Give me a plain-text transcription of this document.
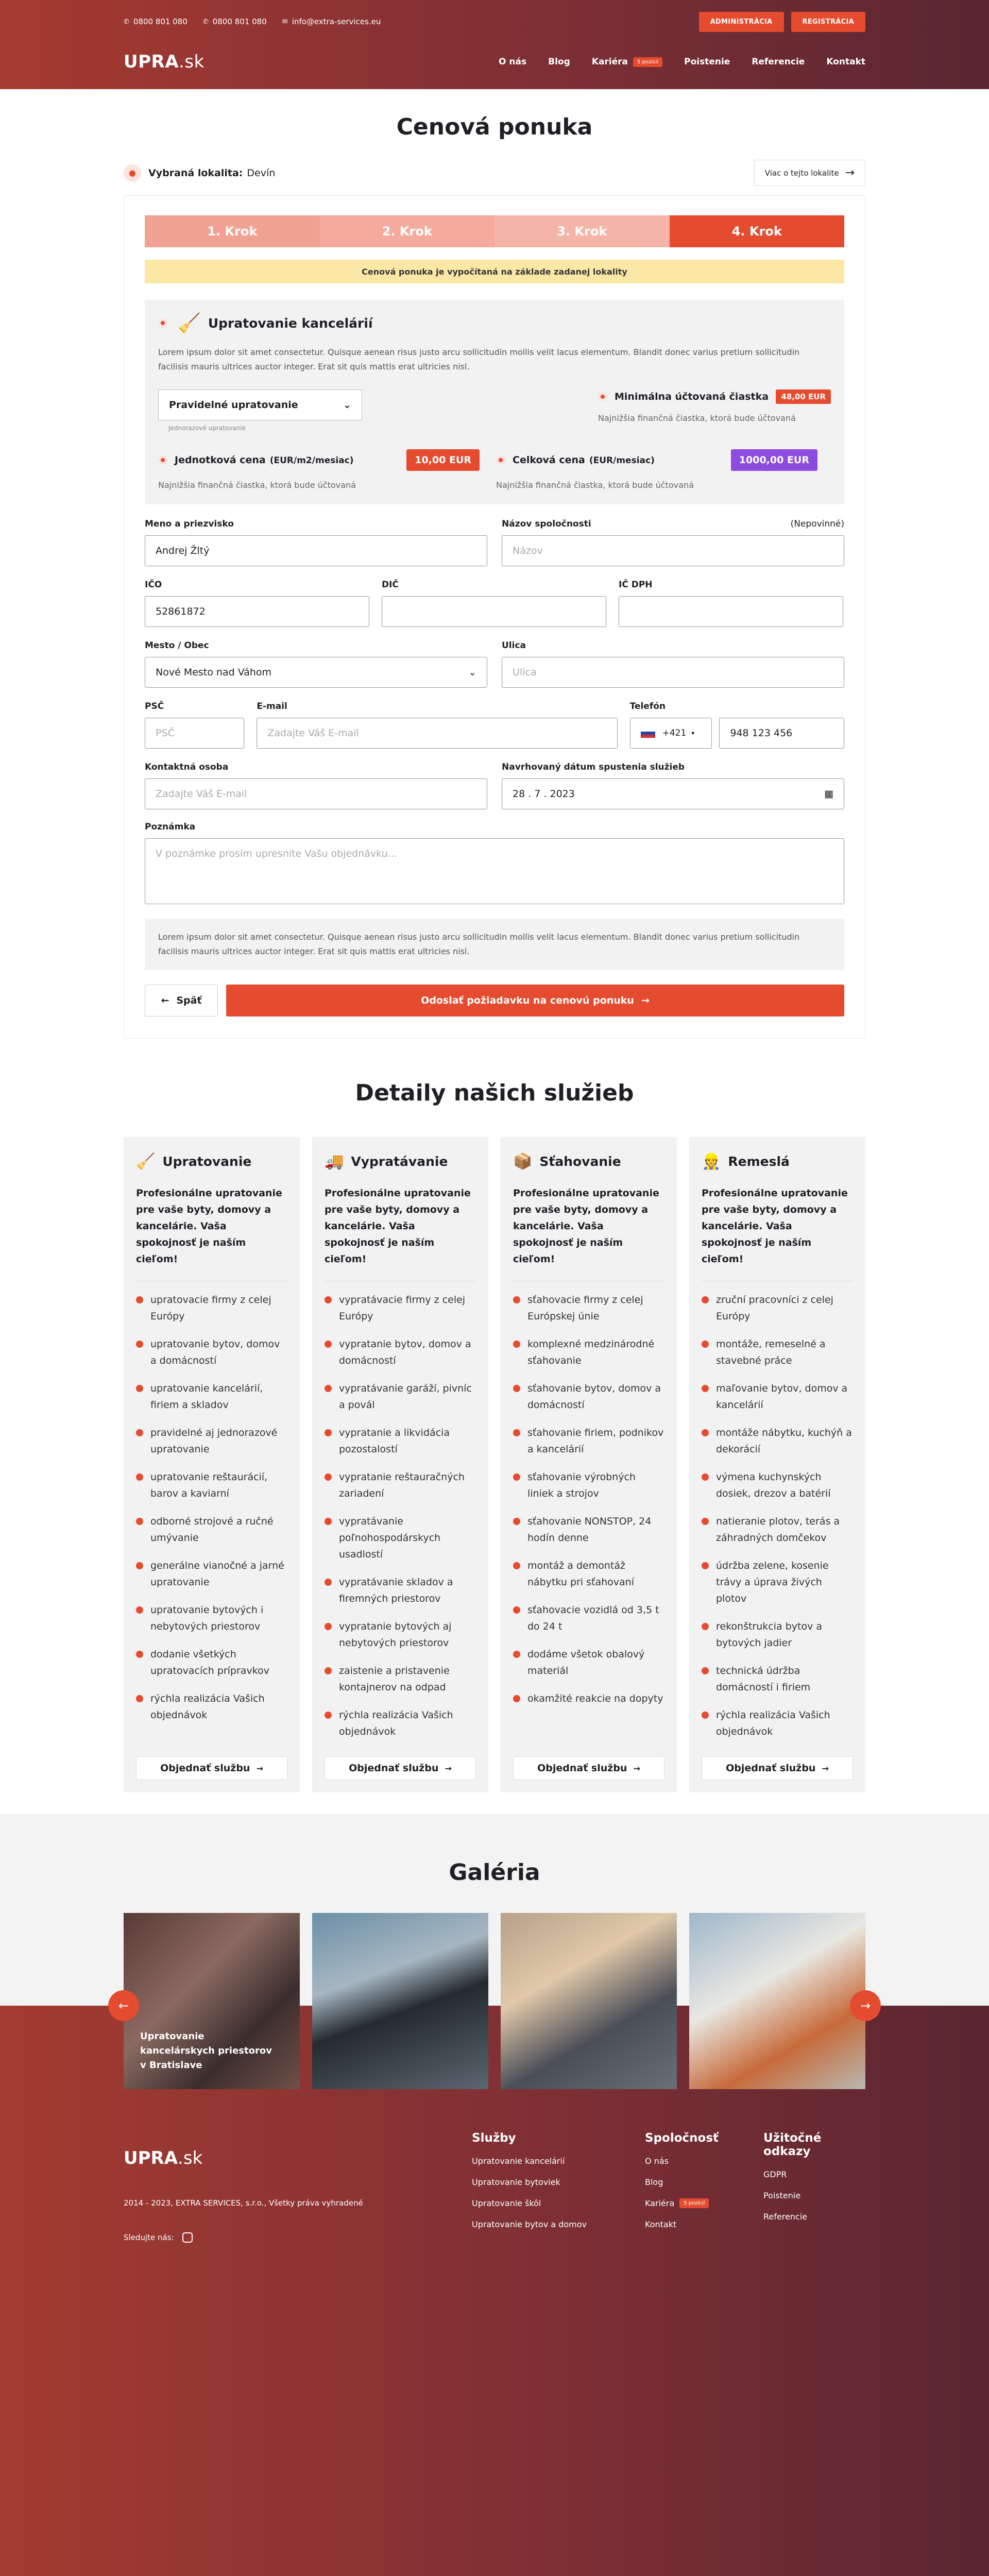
✆ 0800 801 080 ✆ 0800 801 080 ✉ info@extra-services.eu	ADMINISTRÁCIA	REGISTRÁCIA
UPRA.sk	O nás Blog Kariéra	5 pozícií	Poistenie Referencie Kontakt
Cenová ponuka
●	Vybraná lokalita: Devín	Viac o tejto lokalite →
1. Krok	2. Krok	3. Krok	4. Krok
Cenová ponuka je vypočítaná na základe zadanej lokality
🧹 Upratovanie kancelárií
Lorem ipsum dolor sit amet consectetur. Quisque aenean risus justo arcu sollicitudin mollis velit lacus elementum. Blandit donec varius pretium sollicitudin facilisis mauris ultrices auctor integer. Erat sit quis mattis erat ultricies nisl.
Pravidelné upratovanie	⌄
Jednorazové upratovanie
Minimálna účtovaná čiastka	48,00 EUR
Najnižšia finančná čiastka, ktorá bude účtovaná
Jednotková cena (EUR/m2/mesiac)	10,00 EUR
Najnižšia finančná čiastka, ktorá bude účtovaná
Celková cena (EUR/mesiac)	1000,00 EUR
Najnižšia finančná čiastka, ktorá bude účtovaná
Meno a priezvisko
Andrej Žltý
Názov spoločnosti	(Nepovinné)
Názov
IČO
52861872
DIČ	IČ DPH
Mesto / Obec
Nové Mesto nad Váhom	⌄
Ulica
Ulica
PSČ
PSČ
E-mail
Zadajte Váš E-mail
Telefón
+421 ▾
	948 123 456
Kontaktná osoba
Zadajte Váš E-mail
Navrhovaný dátum spustenia služieb
28 . 7 . 2023	▦
Poznámka
V poznámke prosím upresnite Vašu objednávku...
Lorem ipsum dolor sit amet consectetur. Quisque aenean risus justo arcu sollicitudin mollis velit lacus elementum. Blandit donec varius pretium sollicitudin facilisis mauris ultrices auctor integer. Erat sit quis mattis erat ultricies nisl.
← Späť	Odoslať požiadavku na cenovú ponuku →
Detaily našich služieb
🧹 Upratovanie
Profesionálne upratovanie pre vaše byty, domovy a kancelárie. Vaša spokojnosť je naším cieľom!
upratovacie firmy z celej Európy
upratovanie bytov, domov a domácností
upratovanie kancelárií, firiem a skladov
pravidelné aj jednorazové upratovanie
upratovanie reštaurácií, barov a kaviarní
odborné strojové a ručné umývanie
generálne vianočné a jarné upratovanie
upratovanie bytových i nebytových priestorov
dodanie všetkých upratovacích prípravkov
rýchla realizácia Vašich objednávok
Objednať službu →
🚚 Vypratávanie
Profesionálne upratovanie pre vaše byty, domovy a kancelárie. Vaša spokojnosť je naším cieľom!
vypratávacie firmy z celej Európy
vypratanie bytov, domov a domácností
vypratávanie garáží, pivníc a povál
vypratanie a likvidácia pozostalostí
vypratanie reštauračných zariadení
vypratávanie poľnohospodárskych usadlostí
vypratávanie skladov a firemných priestorov
vypratanie bytových aj nebytových priestorov
zaistenie a pristavenie kontajnerov na odpad
rýchla realizácia Vašich objednávok
Objednať službu →
📦 Sťahovanie
Profesionálne upratovanie pre vaše byty, domovy a kancelárie. Vaša spokojnosť je naším cieľom!
sťahovacie firmy z celej Európskej únie
komplexné medzinárodné sťahovanie
sťahovanie bytov, domov a domácností
sťahovanie firiem, podnikov a kancelárií
sťahovanie výrobných liniek a strojov
sťahovanie NONSTOP, 24 hodín denne
montáž a demontáž nábytku pri sťahovaní
sťahovacie vozidlá od 3,5 t do 24 t
dodáme všetok obalový materiál
okamžité reakcie na dopyty
Objednať službu →
👷 Remeslá
Profesionálne upratovanie pre vaše byty, domovy a kancelárie. Vaša spokojnosť je naším cieľom!
zruční pracovníci z celej Európy
montáže, remeselné a stavebné práce
maľovanie bytov, domov a kancelárií
montáže nábytku, kuchýň a dekorácií
výmena kuchynských dosiek, drezov a batérií
natieranie plotov, terás a záhradných domčekov
údržba zelene, kosenie trávy a úprava živých plotov
rekonštrukcia bytov a bytových jadier
technická údržba domácností i firiem
rýchla realizácia Vašich objednávok
Objednať službu →
Galéria
Upratovanie kancelárskych priestorov v Bratislave
←	→
UPRA.sk
2014 - 2023, EXTRA SERVICES, s.r.o., Všetky práva vyhradené
Sledujte nás:
Služby
Upratovanie kancelárií
Upratovanie bytoviek
Upratovanie škôl
Upratovanie bytov a domov
Spoločnosť
O nás
Blog
Kariéra	5 pozícií
Kontakt
Užitočné odkazy
GDPR
Poistenie
Referencie
